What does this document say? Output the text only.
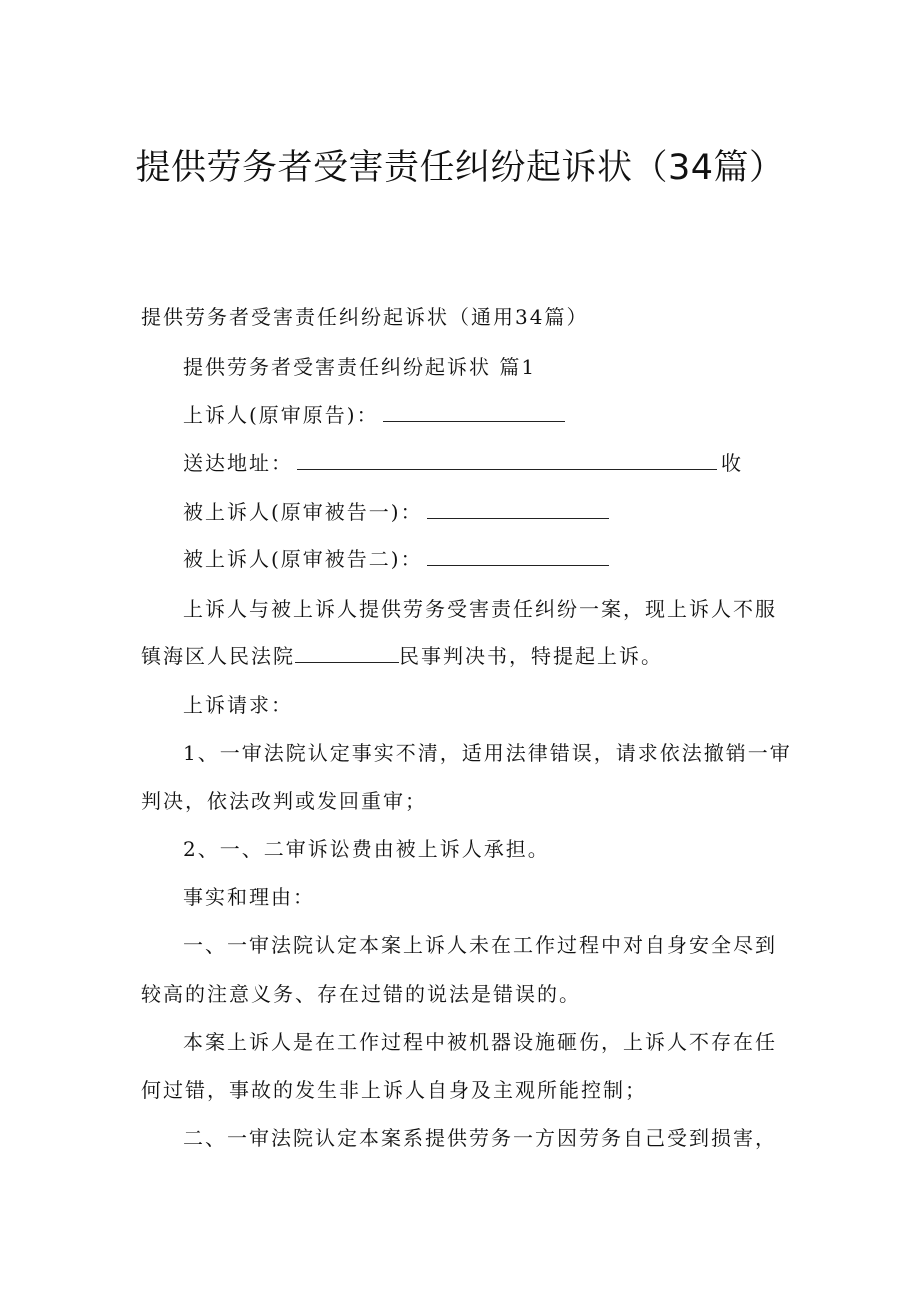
提供劳务者受害责任纠纷起诉状（34篇）

提供劳务者受害责任纠纷起诉状（通用34篇）

提供劳务者受害责任纠纷起诉状 篇1

上诉人(原审原告)：

送达地址：	收

被上诉人(原审被告一)：

被上诉人(原审被告二)：

上诉人与被上诉人提供劳务受害责任纠纷一案，现上诉人不服

镇海区人民法院	民事判决书，特提起上诉。

上诉请求：

1、一审法院认定事实不清，适用法律错误，请求依法撤销一审

判决，依法改判或发回重审；

2、一、二审诉讼费由被上诉人承担。

事实和理由：

一、一审法院认定本案上诉人未在工作过程中对自身安全尽到

较高的注意义务、存在过错的说法是错误的。

本案上诉人是在工作过程中被机器设施砸伤，上诉人不存在任

何过错，事故的发生非上诉人自身及主观所能控制；

二、一审法院认定本案系提供劳务一方因劳务自己受到损害，
